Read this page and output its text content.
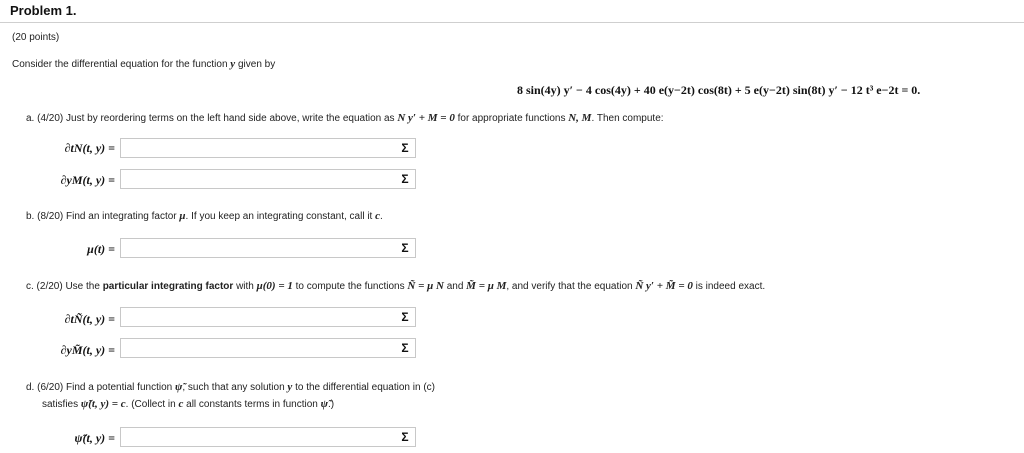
Problem 1.
(20 points)
Consider the differential equation for the function y given by
8 sin(4y) y′ − 4 cos(4y) + 40 e(y−2t) cos(8t) + 5 e(y−2t) sin(8t) y′ − 12 t³ e−2t = 0.
a. (4/20) Just by reordering terms on the left hand side above, write the equation as N y′ + M = 0 for appropriate functions N, M. Then compute:
∂tN(t, y) =	Σ
∂yM(t, y) =	Σ
b. (8/20) Find an integrating factor μ. If you keep an integrating constant, call it c.
μ(t) =	Σ
c. (2/20) Use the particular integrating factor with μ(0) = 1 to compute the functions Ñ = μ N and M̃ = μ M, and verify that the equation Ñ y′ + M̃ = 0 is indeed exact.
∂tÑ(t, y) =	Σ
∂yM̃(t, y) =	Σ
d. (6/20) Find a potential function ψ̃, such that any solution y to the differential equation in (c)
satisfies ψ̃(t, y) = c. (Collect in c all constants terms in function ψ̃.)
ψ̃(t, y) =	Σ
